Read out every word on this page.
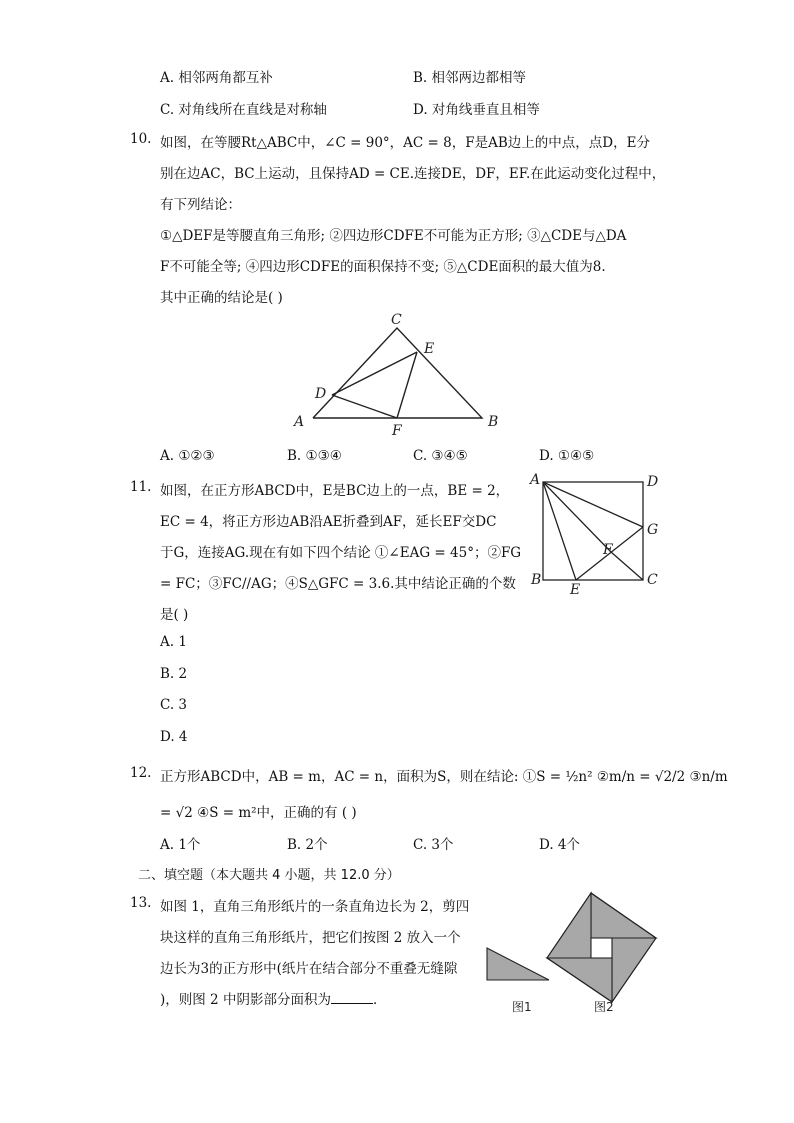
A. 相邻两角都互补	B. 相邻两边都相等
C. 对角线所在直线是对称轴	D. 对角线垂直且相等
10. 如图，在等腰Rt△ABC中，∠C = 90°，AC = 8，F是AB边上的中点，点D，E分
别在边AC，BC上运动，且保持AD = CE.连接DE，DF，EF.在此运动变化过程中，
有下列结论：
①△DEF是等腰直角三角形; ②四边形CDFE不可能为正方形; ③△CDE与△DA
F不可能全等; ④四边形CDFE的面积保持不变; ⑤△CDE面积的最大值为8.
其中正确的结论是( )
C
E
D
A
F
B
A. ①②③	B. ①③④	C. ③④⑤	D. ①④⑤
11. 如图，在正方形ABCD中，E是BC边上的一点，BE = 2，
EC = 4，将正方形边AB沿AE折叠到AF，延长EF交DC
于G，连接AG.现在有如下四个结论 ①∠EAG = 45°；②FG
= FC；③FC//AG；④S△GFC = 3.6.其中结论正确的个数
是( )
A	D
G
F
B	C
E
A. 1
B. 2
C. 3
D. 4
12. 正方形ABCD中，AB = m，AC = n，面积为S，则在结论: ①S = ½n² ②m/n = √2/2 ③n/m
= √2 ④S = m²中，正确的有 ( )
A. 1个	B. 2个	C. 3个	D. 4个
二、填空题（本大题共 4 小题，共 12.0 分）
13. 如图 1，直角三角形纸片的一条直角边长为 2，剪四
块这样的直角三角形纸片，把它们按图 2 放入一个
边长为3的正方形中(纸片在结合部分不重叠无缝隙
)，则图 2 中阴影部分面积为	．	图1	图2
